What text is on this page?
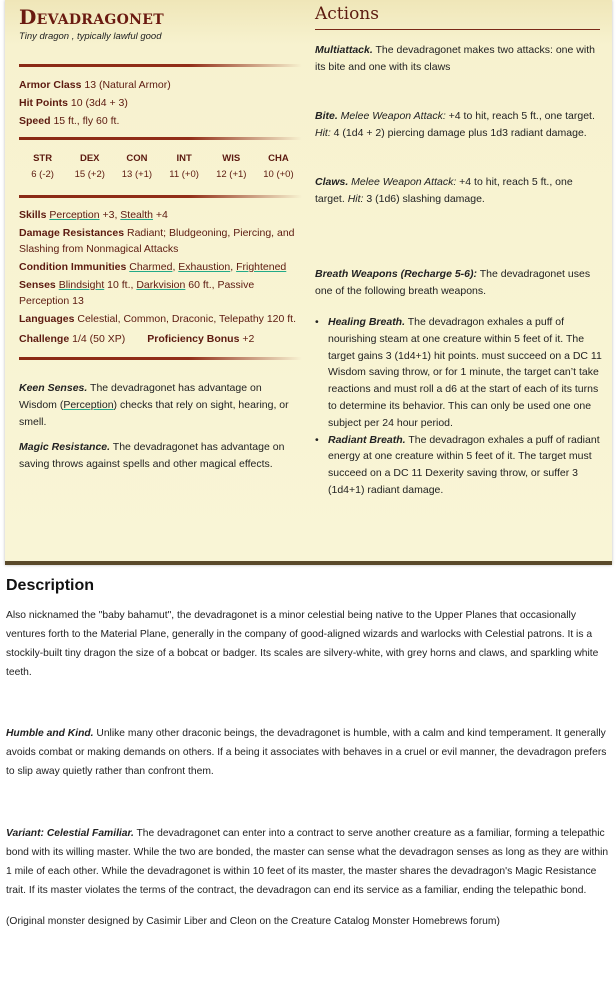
Devadragonet
Tiny dragon , typically lawful good
Armor Class 13 (Natural Armor)
Hit Points 10 (3d4 + 3)
Speed 15 ft., fly 60 ft.
STR
6 (-2)
DEX
15 (+2)
CON
13 (+1)
INT
11 (+0)
WIS
12 (+1)
CHA
10 (+0)
Skills Perception +3, Stealth +4
Damage Resistances Radiant; Bludgeoning, Piercing, and Slashing from Nonmagical Attacks
Condition Immunities Charmed, Exhaustion, Frightened
Senses Blindsight 10 ft., Darkvision 60 ft., Passive Perception 13
Languages Celestial, Common, Draconic, Telepathy 120 ft.
Challenge 1/4 (50 XP) Proficiency Bonus +2
Keen Senses. The devadragonet has advantage on Wisdom (Perception) checks that rely on sight, hearing, or smell.
Magic Resistance. The devadragonet has advantage on saving throws against spells and other magical effects.
Actions
Multiattack. The devadragonet makes two attacks: one with its bite and one with its claws
Bite. Melee Weapon Attack: +4 to hit, reach 5 ft., one target. Hit: 4 (1d4 + 2) piercing damage plus 1d3 radiant damage.
Claws. Melee Weapon Attack: +4 to hit, reach 5 ft., one target. Hit: 3 (1d6) slashing damage.
Breath Weapons (Recharge 5-6): The devadragonet uses one of the following breath weapons.
• Healing Breath. The devadragon exhales a puff of nourishing steam at one creature within 5 feet of it. The target gains 3 (1d4+1) hit points. must succeed on a DC 11 Wisdom saving throw, or for 1 minute, the target can’t take reactions and must roll a d6 at the start of each of its turns to determine its behavior. This can only be used one one subject per 24 hour period.
• Radiant Breath. The devadragon exhales a puff of radiant energy at one creature within 5 feet of it. The target must succeed on a DC 11 Dexerity saving throw, or suffer 3 (1d4+1) radiant damage.
Description

Also nicknamed the "baby bahamut", the devadragonet is a minor celestial being native to the Upper Planes that occasionally ventures forth to the Material Plane, generally in the company of good-aligned wizards and warlocks with Celestial patrons. It is a stockily-built tiny dragon the size of a bobcat or badger. Its scales are silvery-white, with grey horns and claws, and sparkling white teeth.

Humble and Kind. Unlike many other draconic beings, the devadragonet is humble, with a calm and kind temperament. It generally avoids combat or making demands on others. If a being it associates with behaves in a cruel or evil manner, the devadragon prefers to slip away quietly rather than confront them.

Variant: Celestial Familiar. The devadragonet can enter into a contract to serve another creature as a familiar, forming a telepathic bond with its willing master. While the two are bonded, the master can sense what the devadragon senses as long as they are within 1 mile of each other. While the devadragonet is within 10 feet of its master, the master shares the devadragon's Magic Resistance trait. If its master violates the terms of the contract, the devadragon can end its service as a familiar, ending the telepathic bond.

(Original monster designed by Casimir Liber and Cleon on the Creature Catalog Monster Homebrews forum)
